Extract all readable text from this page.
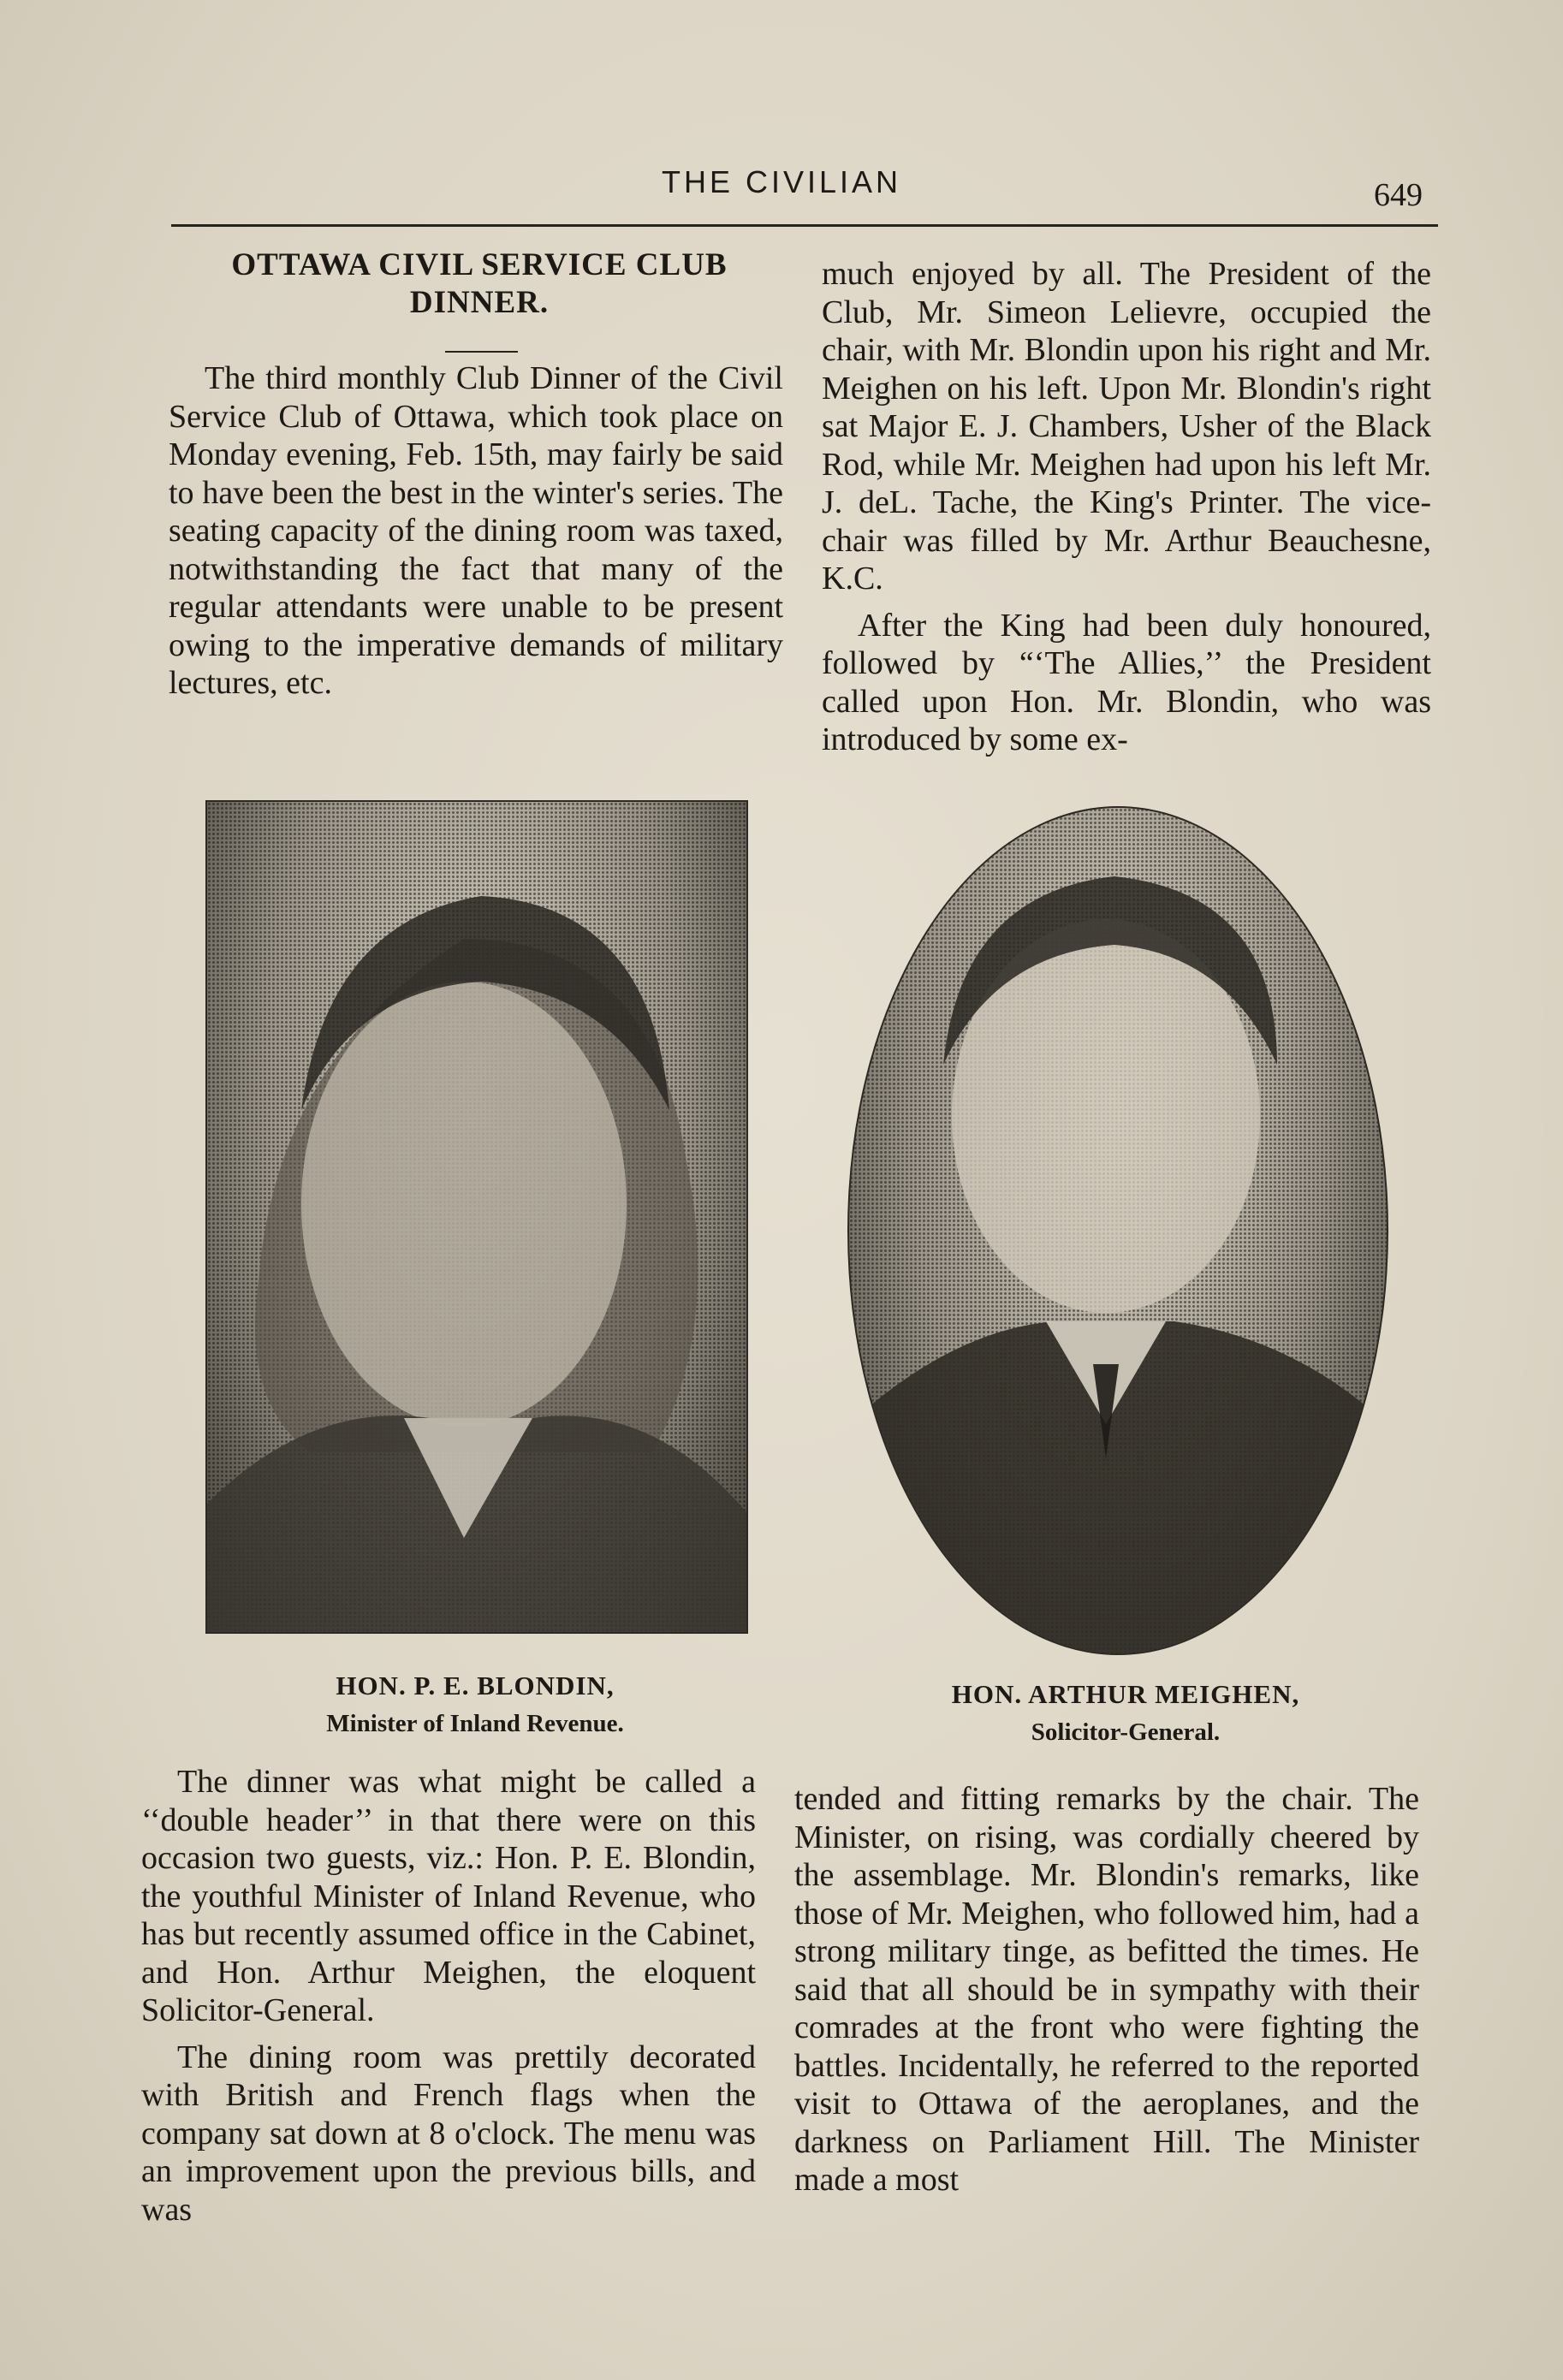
THE CIVILIAN	649
OTTAWA CIVIL SERVICE CLUB
DINNER.

The third monthly Club Dinner of the Civil Service Club of Ottawa, which took place on Monday evening, Feb. 15th, may fairly be said to have been the best in the winter's series. The seating capacity of the dining room was taxed, notwithstanding the fact that many of the regular attendants were unable to be present owing to the imperative demands of military lectures, etc.

much enjoyed by all. The President of the Club, Mr. Simeon Lelievre, occupied the chair, with Mr. Blondin upon his right and Mr. Meighen on his left. Upon Mr. Blondin's right sat Major E. J. Chambers, Usher of the Black Rod, while Mr. Meighen had upon his left Mr. J. deL. Tache, the King's Printer. The vice-chair was filled by Mr. Arthur Beauchesne, K.C.

After the King had been duly honoured, followed by “‘The Allies,’’ the President called upon Hon. Mr. Blondin, who was introduced by some ex-

HON. P. E. BLONDIN,
Minister of Inland Revenue.
HON. ARTHUR MEIGHEN,
Solicitor-General.

The dinner was what might be called a ‘‘double header’’ in that there were on this occasion two guests, viz.: Hon. P. E. Blondin, the youthful Minister of Inland Revenue, who has but recently assumed office in the Cabinet, and Hon. Arthur Meighen, the eloquent Solicitor-General.

The dining room was prettily decorated with British and French flags when the company sat down at 8 o'clock. The menu was an improvement upon the previous bills, and was

tended and fitting remarks by the chair. The Minister, on rising, was cordially cheered by the assemblage. Mr. Blondin's remarks, like those of Mr. Meighen, who followed him, had a strong military tinge, as befitted the times. He said that all should be in sympathy with their comrades at the front who were fighting the battles. Incidentally, he referred to the reported visit to Ottawa of the aeroplanes, and the darkness on Parliament Hill. The Minister made a most
